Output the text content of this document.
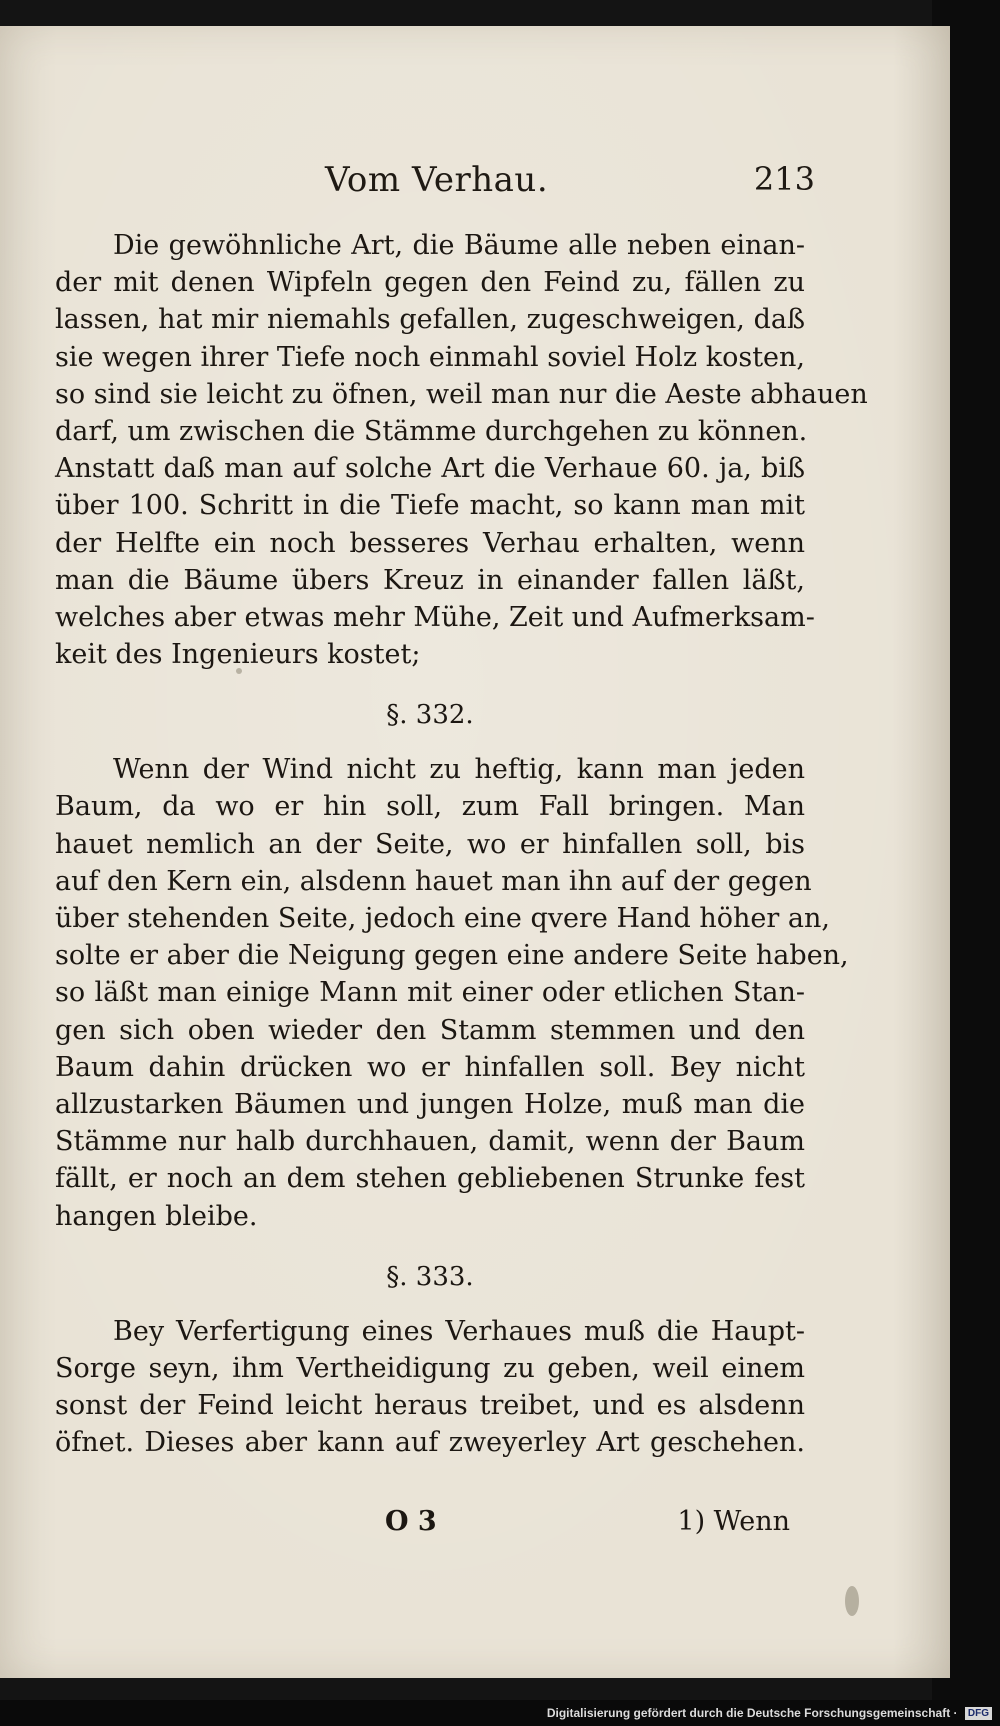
Vom Verhau.	213
Die gewöhnliche Art, die Bäume alle neben einan-
der mit denen Wipfeln gegen den Feind zu, fällen zu
lassen, hat mir niemahls gefallen, zugeschweigen, daß
sie wegen ihrer Tiefe noch einmahl soviel Holz kosten,
so sind sie leicht zu öfnen, weil man nur die Aeste abhauen
darf, um zwischen die Stämme durchgehen zu können.
Anstatt daß man auf solche Art die Verhaue 60. ja, biß
über 100. Schritt in die Tiefe macht, so kann man mit
der Helfte ein noch besseres Verhau erhalten, wenn
man die Bäume übers Kreuz in einander fallen läßt,
welches aber etwas mehr Mühe, Zeit und Aufmerksam-
keit des Ingenieurs kostet;
§. 332.
Wenn der Wind nicht zu heftig, kann man jeden
Baum, da wo er hin soll, zum Fall bringen. Man
hauet nemlich an der Seite, wo er hinfallen soll, bis
auf den Kern ein, alsdenn hauet man ihn auf der gegen
über stehenden Seite, jedoch eine qvere Hand höher an,
solte er aber die Neigung gegen eine andere Seite haben,
so läßt man einige Mann mit einer oder etlichen Stan-
gen sich oben wieder den Stamm stemmen und den
Baum dahin drücken wo er hinfallen soll. Bey nicht
allzustarken Bäumen und jungen Holze, muß man die
Stämme nur halb durchhauen, damit, wenn der Baum
fällt, er noch an dem stehen gebliebenen Strunke fest
hangen bleibe.
§. 333.
Bey Verfertigung eines Verhaues muß die Haupt-
Sorge seyn, ihm Vertheidigung zu geben, weil einem
sonst der Feind leicht heraus treibet, und es alsdenn
öfnet. Dieses aber kann auf zweyerley Art geschehen.
O 3	1) Wenn
Digitalisierung gefördert durch die Deutsche Forschungsgemeinschaft · DFG
